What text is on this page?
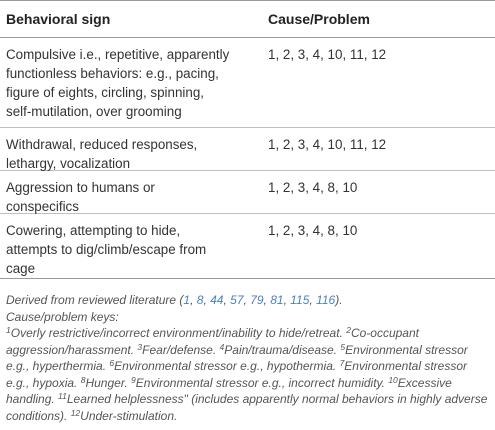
Behavioral sign	Cause/Problem
Compulsive i.e., repetitive, apparently
functionless behaviors: e.g., pacing,
figure of eights, circling, spinning,
self-mutilation, over grooming
1, 2, 3, 4, 10, 11, 12
Withdrawal, reduced responses,
lethargy, vocalization
1, 2, 3, 4, 10, 11, 12
Aggression to humans or
conspecifics
1, 2, 3, 4, 8, 10
Cowering, attempting to hide,
attempts to dig/climb/escape from
cage
1, 2, 3, 4, 8, 10

Derived from reviewed literature (1, 8, 44, 57, 79, 81, 115, 116).

Cause/problem keys:

$^1$Overly restrictive/incorrect environment/inability to hide/retreat. $^2$Co-occupant aggression/harassment. $^3$Fear/defense. $^4$Pain/trauma/disease. $^5$Environmental stressor e.g., hyperthermia. $^6$Environmental stressor e.g., hypothermia. $^7$Environmental stressor e.g., hypoxia. $^8$Hunger. $^9$Environmental stressor e.g., incorrect humidity. $^{10}$Excessive handling. $^{11}$Learned helplessness" (includes apparently normal behaviors in highly adverse conditions). $^{12}$Under-stimulation.
